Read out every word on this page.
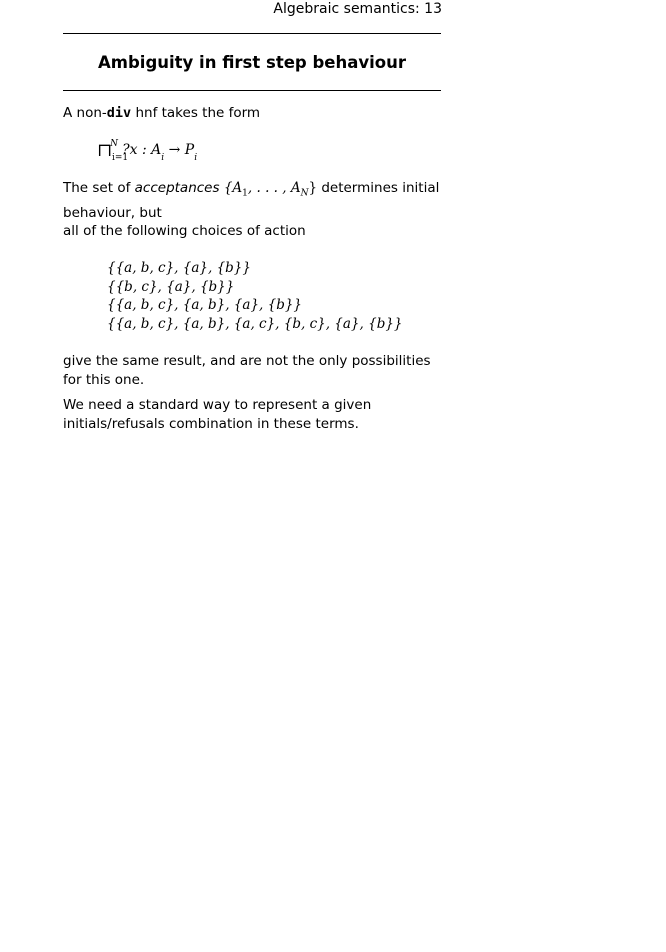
Algebraic semantics: 13
Ambiguity in first step behaviour
A non-div hnf takes the form
⊓$^N_{i=1}$?x : $A_i \to P_i$
The set of acceptances {$A_1$, . . . , $A_N$} determines initial behaviour, but
all of the following choices of action
{{a, b, c}, {a}, {b}}
{{b, c}, {a}, {b}}
{{a, b, c}, {a, b}, {a}, {b}}
{{a, b, c}, {a, b}, {a, c}, {b, c}, {a}, {b}}
give the same result, and are not the only possibilities for this one.
We need a standard way to represent a given initials/refusals combination in these terms.
